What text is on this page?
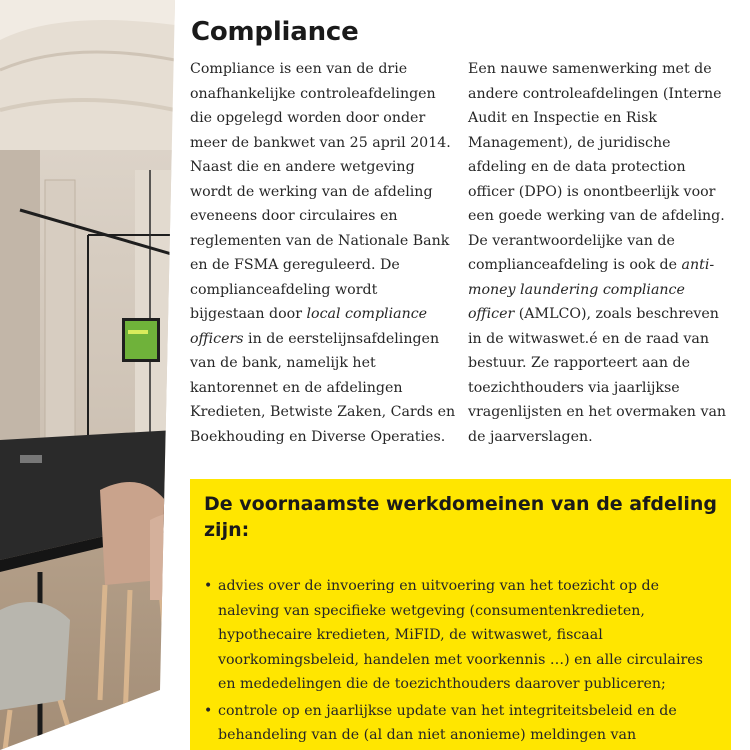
Compliance

Compliance is een van de drie
onafhankelijke controleafdelingen
die opgelegd worden door onder
meer de bankwet van 25 april 2014.
Naast die en andere wetgeving
wordt de werking van de afdeling
eveneens door circulaires en
reglementen van de Nationale Bank
en de FSMA gereguleerd. De
complianceafdeling wordt
bijgestaan door local compliance
officers in de eerstelijnsafdelingen
van de bank, namelijk het
kantorennet en de afdelingen
Kredieten, Betwiste Zaken, Cards en
Boekhouding en Diverse Operaties.

Een nauwe samenwerking met de
andere controleafdelingen (Interne
Audit en Inspectie en Risk
Management), de juridische
afdeling en de data protection
officer (DPO) is onontbeerlijk voor
een goede werking van de afdeling.
De verantwoordelijke van de
complianceafdeling is ook de anti-
money laundering compliance
officer (AMLCO), zoals beschreven
in de witwaswet.é en de raad van
bestuur. Ze rapporteert aan de
toezichthouders via jaarlijkse
vragenlijsten en het overmaken van
de jaarverslagen.

De voornaamste werkdomeinen van de afdeling
zijn:
• advies over de invoering en uitvoering van het toezicht op de
naleving van specifieke wetgeving (consumentenkredieten,
hypothecaire kredieten, MiFID, de witwaswet, fiscaal
voorkomingsbeleid, handelen met voorkennis …) en alle circulaires
en mededelingen die de toezichthouders daarover publiceren;
• controle op en jaarlijkse update van het integriteitsbeleid en de
behandeling van de (al dan niet anonieme) meldingen van
